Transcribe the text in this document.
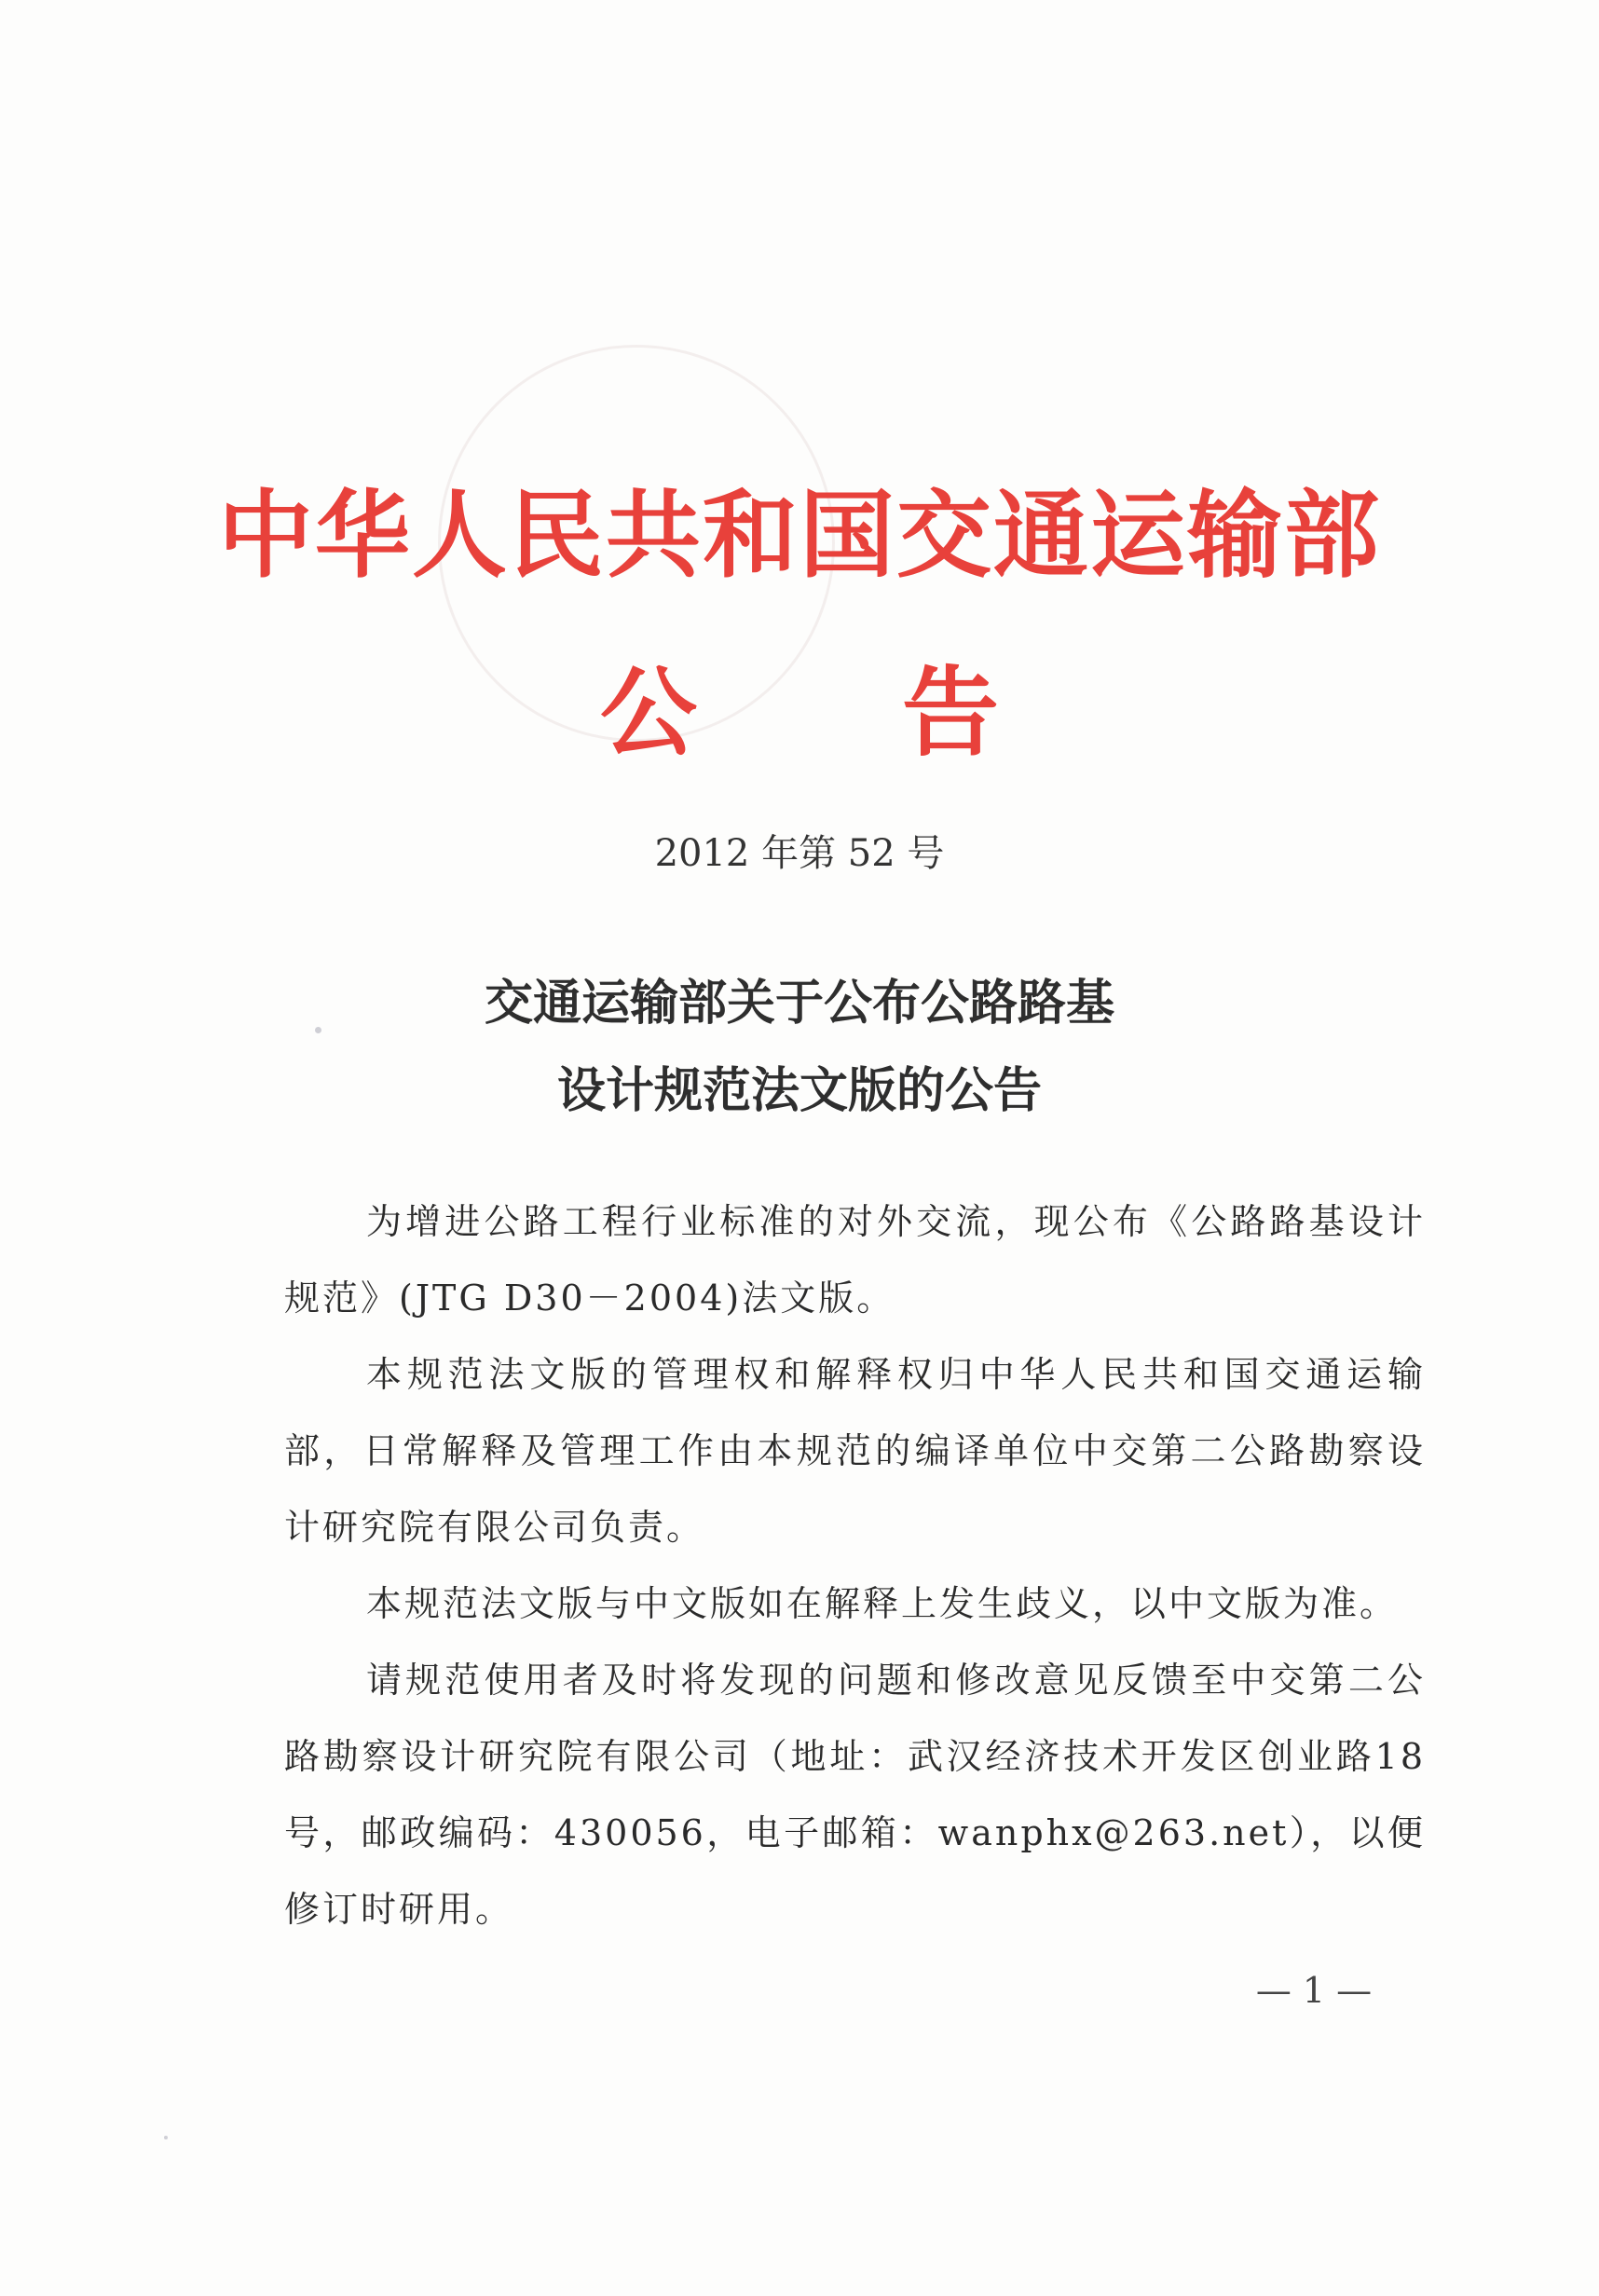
中华人民共和国交通运输部
公告
2012 年第 52 号
交通运输部关于公布公路路基
设计规范法文版的公告

为增进公路工程行业标准的对外交流，现公布《公路路基设计规范》(JTG D30－2004)法文版。

本规范法文版的管理权和解释权归中华人民共和国交通运输部，日常解释及管理工作由本规范的编译单位中交第二公路勘察设计研究院有限公司负责。

本规范法文版与中文版如在解释上发生歧义，以中文版为准。

请规范使用者及时将发现的问题和修改意见反馈至中交第二公路勘察设计研究院有限公司（地址：武汉经济技术开发区创业路18号，邮政编码：430056，电子邮箱：wanphx@263.net），以便修订时研用。

— 1 —
